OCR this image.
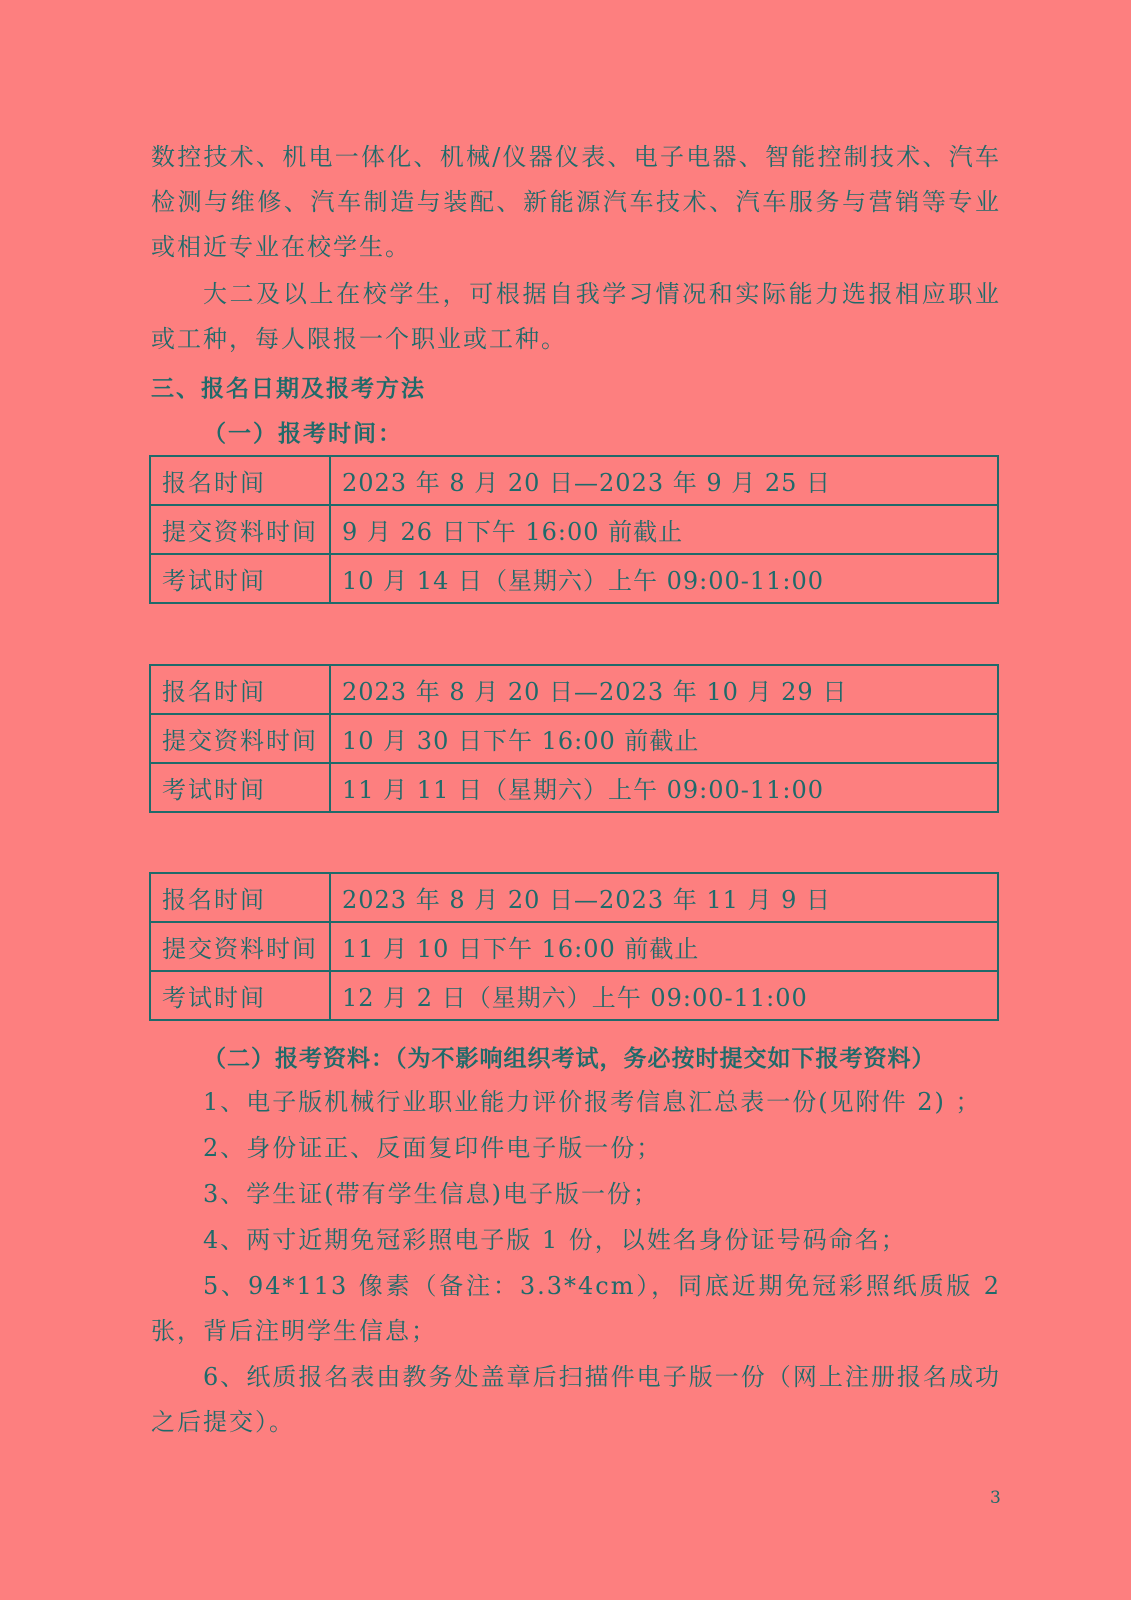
数控技术、机电一体化、机械/仪器仪表、电子电器、智能控制技术、汽车检测与维修、汽车制造与装配、新能源汽车技术、汽车服务与营销等专业或相近专业在校学生。

大二及以上在校学生，可根据自我学习情况和实际能力选报相应职业或工种，每人限报一个职业或工种。

三、报名日期及报考方法
（一）报考时间：
报名时间	2023 年 8 月 20 日—2023 年 9 月 25 日
提交资料时间	9 月 26 日下午 16:00 前截止
考试时间	10 月 14 日（星期六）上午 09:00-11:00
报名时间	2023 年 8 月 20 日—2023 年 10 月 29 日
提交资料时间	10 月 30 日下午 16:00 前截止
考试时间	11 月 11 日（星期六）上午 09:00-11:00
报名时间	2023 年 8 月 20 日—2023 年 11 月 9 日
提交资料时间	11 月 10 日下午 16:00 前截止
考试时间	12 月 2 日（星期六）上午 09:00-11:00
（二）报考资料：（为不影响组织考试，务必按时提交如下报考资料）

1、电子版机械行业职业能力评价报考信息汇总表一份(见附件 2) ；

2、身份证正、反面复印件电子版一份；

3、学生证(带有学生信息)电子版一份；

4、两寸近期免冠彩照电子版 1 份，以姓名身份证号码命名；

5、94*113 像素（备注：3.3*4cm），同底近期免冠彩照纸质版 2 张，背后注明学生信息；

6、纸质报名表由教务处盖章后扫描件电子版一份（网上注册报名成功之后提交）。

3
